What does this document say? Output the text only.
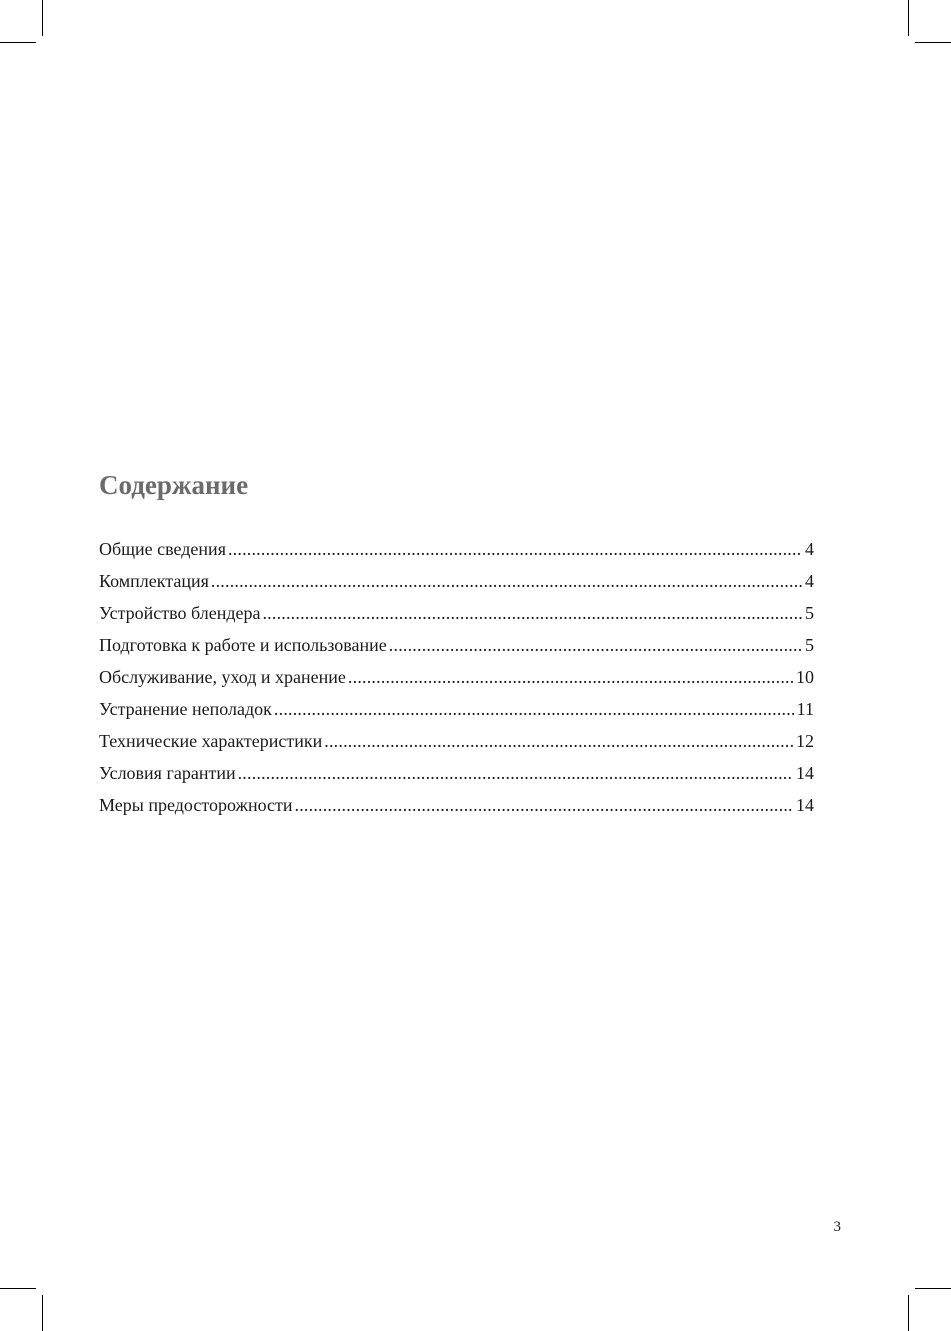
Содержание
Общие сведения .....	4
Комплектация .....	4
Устройство блендера .....	5
Подготовка к работе и использование .....	5
Обслуживание, уход и хранение .....	10
Устранение неполадок .....	11
Технические характеристики .....	12
Условия гарантии .....	14
Меры предосторожности .....	14
3
